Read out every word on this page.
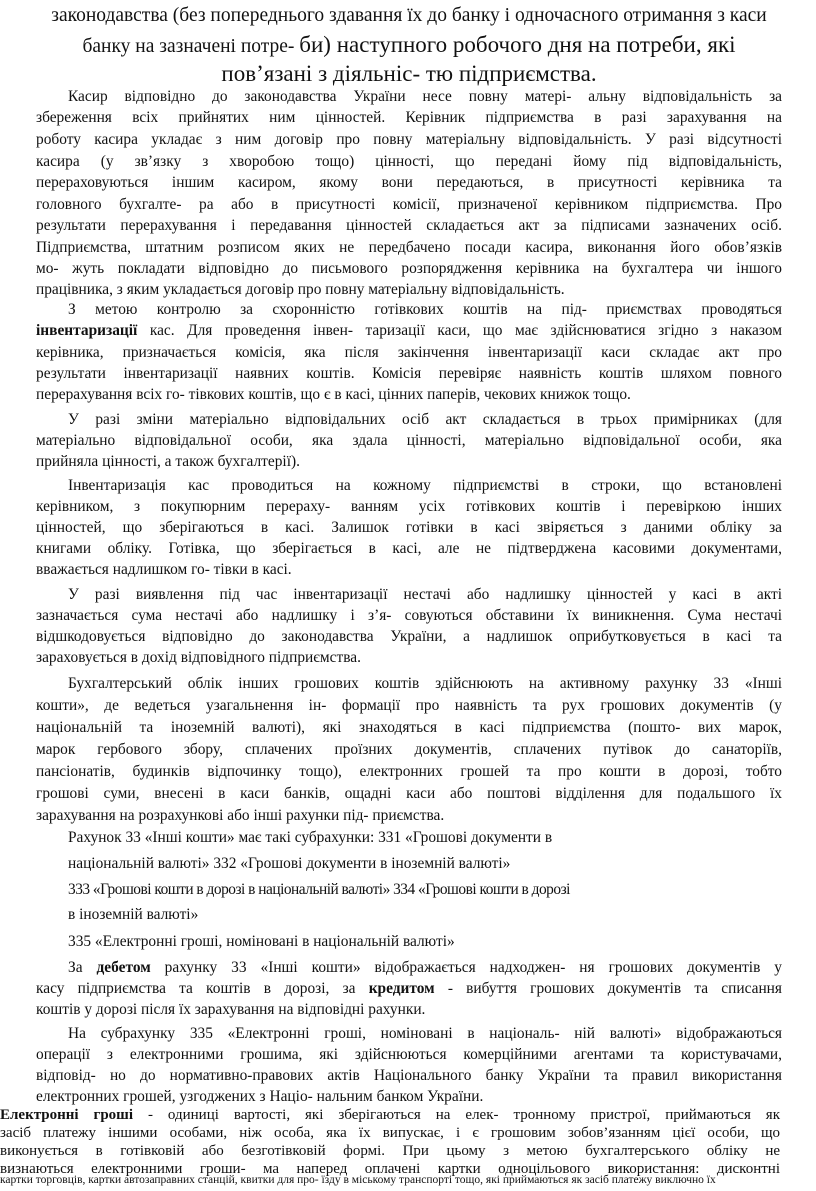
законодавства (без попереднього здавання їх до банку і одночасного отримання з каси
банку на зазначені потре- би) наступного робочого дня на потреби, які
пов’язані з діяльніс- тю підприємства.
Касир відповідно до законодавства України несе повну матері- альну відповідальність за
збереження всіх прийнятих ним цінностей. Керівник підприємства в разі зарахування на
роботу касира укладає з ним договір про повну матеріальну відповідальність. У разі відсутності
касира (у зв’язку з хворобою тощо) цінності, що передані йому під відповідальність,
перераховуються іншим касиром, якому вони передаються, в присутності керівника та
головного бухгалте- ра або в присутності комісії, призначеної керівником підприємства. Про
результати перерахування і передавання цінностей складається акт за підписами зазначених осіб.
Підприємства, штатним розписом яких не передбачено посади касира, виконання його обов’язків
мо- жуть покладати відповідно до письмового розпорядження керівника на бухгалтера чи іншого
працівника, з яким укладається договір про повну матеріальну відповідальність.
З метою контролю за схоронністю готівкових коштів на під- приємствах проводяться
інвентаризації кас. Для проведення інвен- таризації каси, що має здійснюватися згідно з наказом
керівника, призначається комісія, яка після закінчення інвентаризації каси складає акт про
результати інвентаризації наявних коштів. Комісія перевіряє наявність коштів шляхом повного
перерахування всіх го- тівкових коштів, що є в касі, цінних паперів, чекових книжок тощо.
У разі зміни матеріально відповідальних осіб акт складається в трьох примірниках (для
матеріально відповідальної особи, яка здала цінності, матеріально відповідальної особи, яка
прийняла цінності, а також бухгалтерії).
Інвентаризація кас проводиться на кожному підприємстві в строки, що встановлені
керівником, з покупюрним перераху- ванням усіх готівкових коштів і перевіркою інших
цінностей, що зберігаються в касі. Залишок готівки в касі звіряється з даними обліку за
книгами обліку. Готівка, що зберігається в касі, але не підтверджена касовими документами,
вважається надлишком го- тівки в касі.
У разі виявлення під час інвентаризації нестачі або надлишку цінностей у касі в акті
зазначається сума нестачі або надлишку і з’я- совуються обставини їх виникнення. Сума нестачі
відшкодовується відповідно до законодавства України, а надлишок оприбутковується в касі та
зараховується в дохід відповідного підприємства.
Бухгалтерський облік інших грошових коштів здійснюють на активному рахунку 33 «Інші
кошти», де ведеться узагальнення ін- формації про наявність та рух грошових документів (у
національній та іноземній валюті), які знаходяться в касі підприємства (пошто- вих марок,
марок гербового збору, сплачених проїзних документів, сплачених путівок до санаторіїв,
пансіонатів, будинків відпочинку тощо), електронних грошей та про кошти в дорозі, тобто
грошові суми, внесені в каси банків, ощадні каси або поштові відділення для подальшого їх
зарахування на розрахункові або інші рахунки під- приємства.
Рахунок 33 «Інші кошти» має такі субрахунки: 331 «Грошові документи в
національній валюті» 332 «Грошові документи в іноземній валюті»
333 «Грошові кошти в дорозі в національній валюті» 334 «Грошові кошти в дорозі
в іноземній валюті»
335 «Електронні гроші, номіновані в національній валюті»
За дебетом рахунку 33 «Інші кошти» відображається надходжен- ня грошових документів у
касу підприємства та коштів в дорозі, за кредитом - вибуття грошових документів та списання
коштів у дорозі після їх зарахування на відповідні рахунки.
На субрахунку 335 «Електронні гроші, номіновані в національ- ній валюті» відображаються
операції з електронними грошима, які здійснюються комерційними агентами та користувачами,
відповід- но до нормативно-правових актів Національного банку України та правил використання
електронних грошей, узгоджених з Націо- нальним банком України.
Електронні гроші - одиниці вартості, які зберігаються на елек- тронному пристрої, приймаються як
засіб платежу іншими особами, ніж особа, яка їх випускає, і є грошовим зобов’язанням цієї особи, що
виконується в готівковій або безготівковій формі. При цьому з метою бухгалтерського обліку не
визнаються електронними гроши- ма наперед оплачені картки одноцільового використання: дисконтні
картки торговців, картки автозаправних станцій, квитки для про- їзду в міському транспорті тощо, які приймаються як засіб платежу виключно їх
